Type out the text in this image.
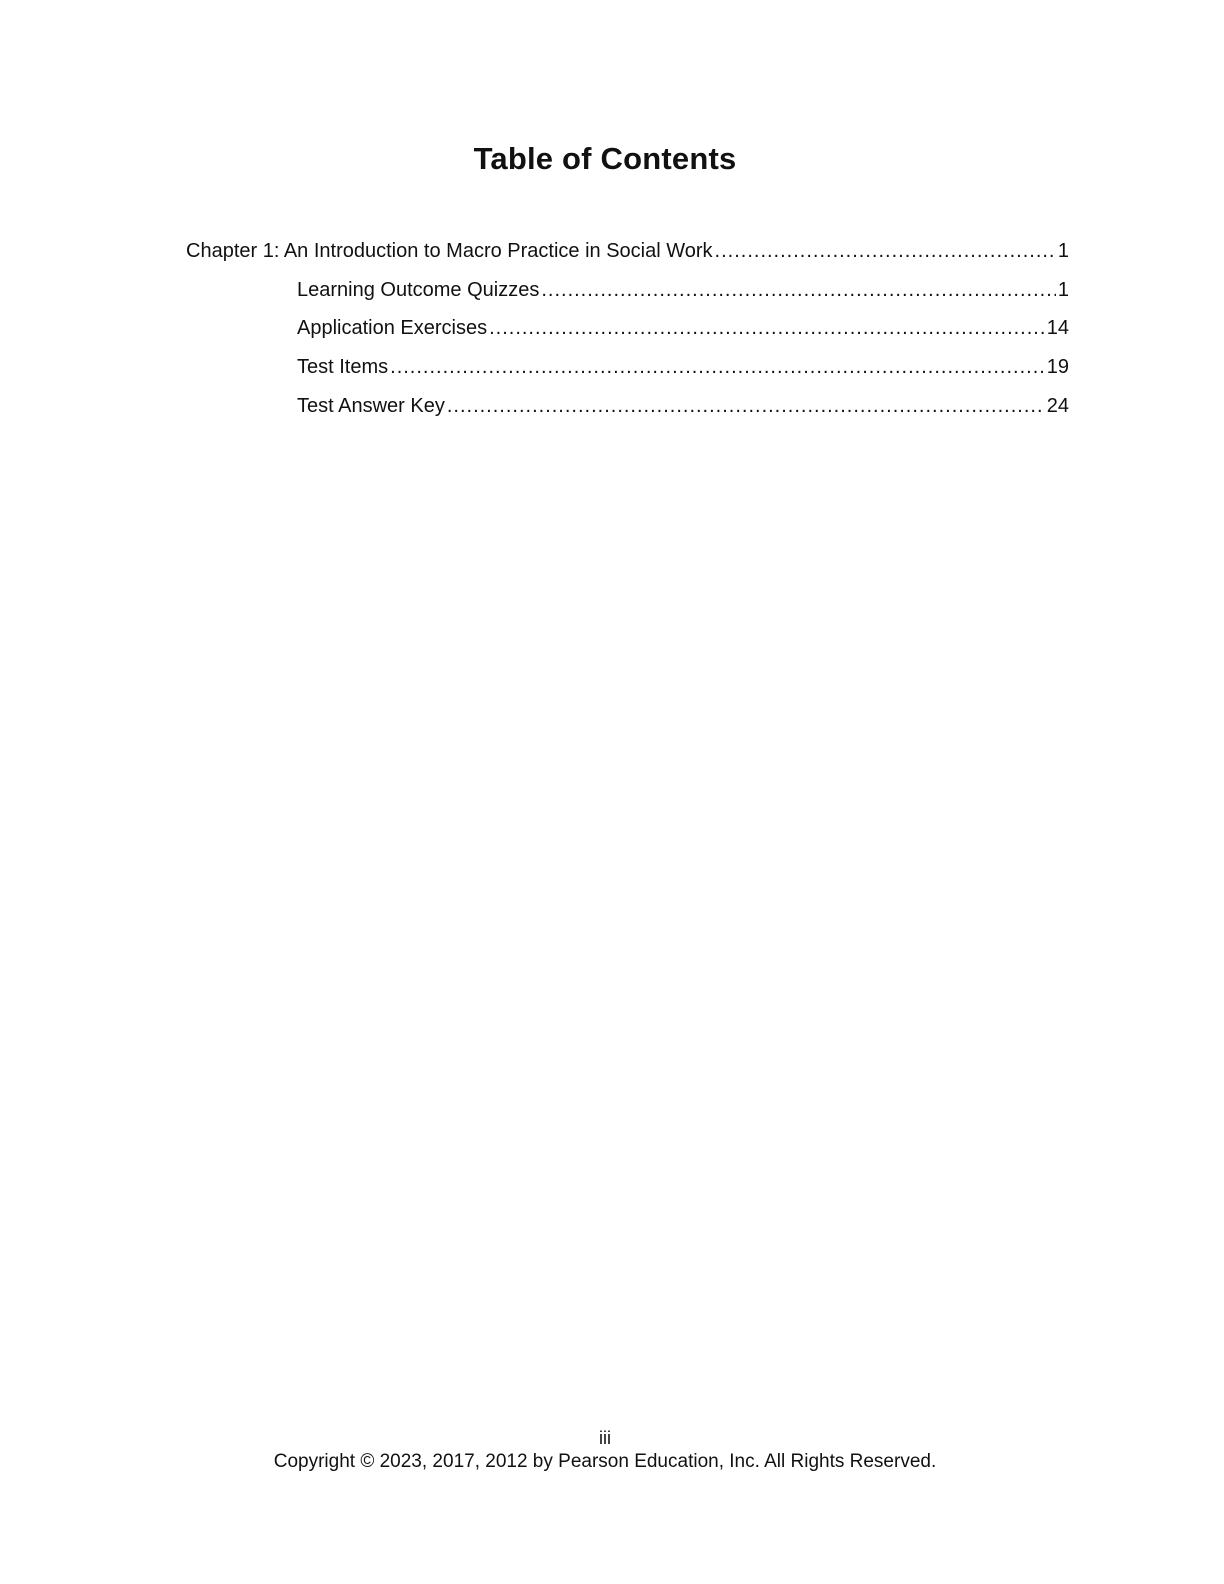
Table of Contents
Chapter 1: An Introduction to Macro Practice in Social Work .....	1
Learning Outcome Quizzes .....	1
Application Exercises .....	14
Test Items .....	19
Test Answer Key .....	24
iii
Copyright © 2023, 2017, 2012 by Pearson Education, Inc. All Rights Reserved.
